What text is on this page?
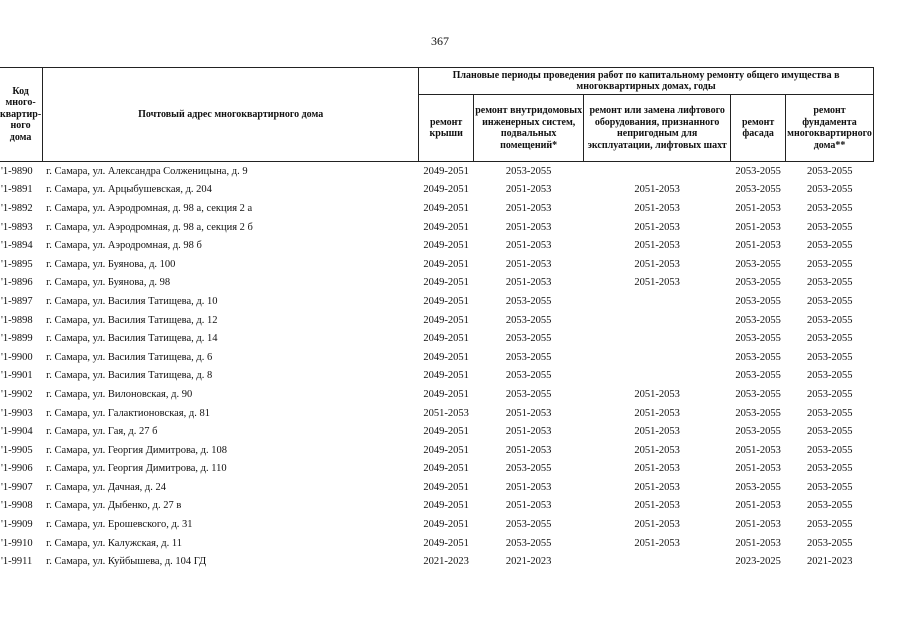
367
Код много-квартир-ного дома	Почтовый адрес многоквартирного дома	Плановые периоды проведения работ по капитальному ремонту общего имущества в многоквартирных домах, годы				
		ремонт крыши	ремонт внутридомовых инженерных систем, подвальных помещений*	ремонт или замена лифтового оборудования, признанного непригодным для эксплуатации, лифтовых шахт	ремонт фасада	ремонт фундамента многоквартирного дома**
'1-9890	г. Самара, ул. Александра Солженицына, д. 9	2049-2051	2053-2055		2053-2055	2053-2055
'1-9891	г. Самара, ул. Арцыбушевская, д. 204	2049-2051	2051-2053	2051-2053	2053-2055	2053-2055
'1-9892	г. Самара, ул. Аэродромная, д. 98 а, секция 2 а	2049-2051	2051-2053	2051-2053	2051-2053	2053-2055
'1-9893	г. Самара, ул. Аэродромная, д. 98 а, секция 2 б	2049-2051	2051-2053	2051-2053	2051-2053	2053-2055
'1-9894	г. Самара, ул. Аэродромная, д. 98 б	2049-2051	2051-2053	2051-2053	2051-2053	2053-2055
'1-9895	г. Самара, ул. Буянова, д. 100	2049-2051	2051-2053	2051-2053	2053-2055	2053-2055
'1-9896	г. Самара, ул. Буянова, д. 98	2049-2051	2051-2053	2051-2053	2053-2055	2053-2055
'1-9897	г. Самара, ул. Василия Татищева, д. 10	2049-2051	2053-2055		2053-2055	2053-2055
'1-9898	г. Самара, ул. Василия Татищева, д. 12	2049-2051	2053-2055		2053-2055	2053-2055
'1-9899	г. Самара, ул. Василия Татищева, д. 14	2049-2051	2053-2055		2053-2055	2053-2055
'1-9900	г. Самара, ул. Василия Татищева, д. 6	2049-2051	2053-2055		2053-2055	2053-2055
'1-9901	г. Самара, ул. Василия Татищева, д. 8	2049-2051	2053-2055		2053-2055	2053-2055
'1-9902	г. Самара, ул. Вилоновская, д. 90	2049-2051	2053-2055	2051-2053	2053-2055	2053-2055
'1-9903	г. Самара, ул. Галактионовская, д. 81	2051-2053	2051-2053	2051-2053	2053-2055	2053-2055
'1-9904	г. Самара, ул. Гая, д. 27 б	2049-2051	2051-2053	2051-2053	2053-2055	2053-2055
'1-9905	г. Самара, ул. Георгия Димитрова, д. 108	2049-2051	2051-2053	2051-2053	2051-2053	2053-2055
'1-9906	г. Самара, ул. Георгия Димитрова, д. 110	2049-2051	2053-2055	2051-2053	2051-2053	2053-2055
'1-9907	г. Самара, ул. Дачная, д. 24	2049-2051	2051-2053	2051-2053	2053-2055	2053-2055
'1-9908	г. Самара, ул. Дыбенко, д. 27 в	2049-2051	2051-2053	2051-2053	2051-2053	2053-2055
'1-9909	г. Самара, ул. Ерошевского, д. 31	2049-2051	2053-2055	2051-2053	2051-2053	2053-2055
'1-9910	г. Самара, ул. Калужская, д. 11	2049-2051	2053-2055	2051-2053	2051-2053	2053-2055
'1-9911	г. Самара, ул. Куйбышева, д. 104 ГД	2021-2023	2021-2023		2023-2025	2021-2023
